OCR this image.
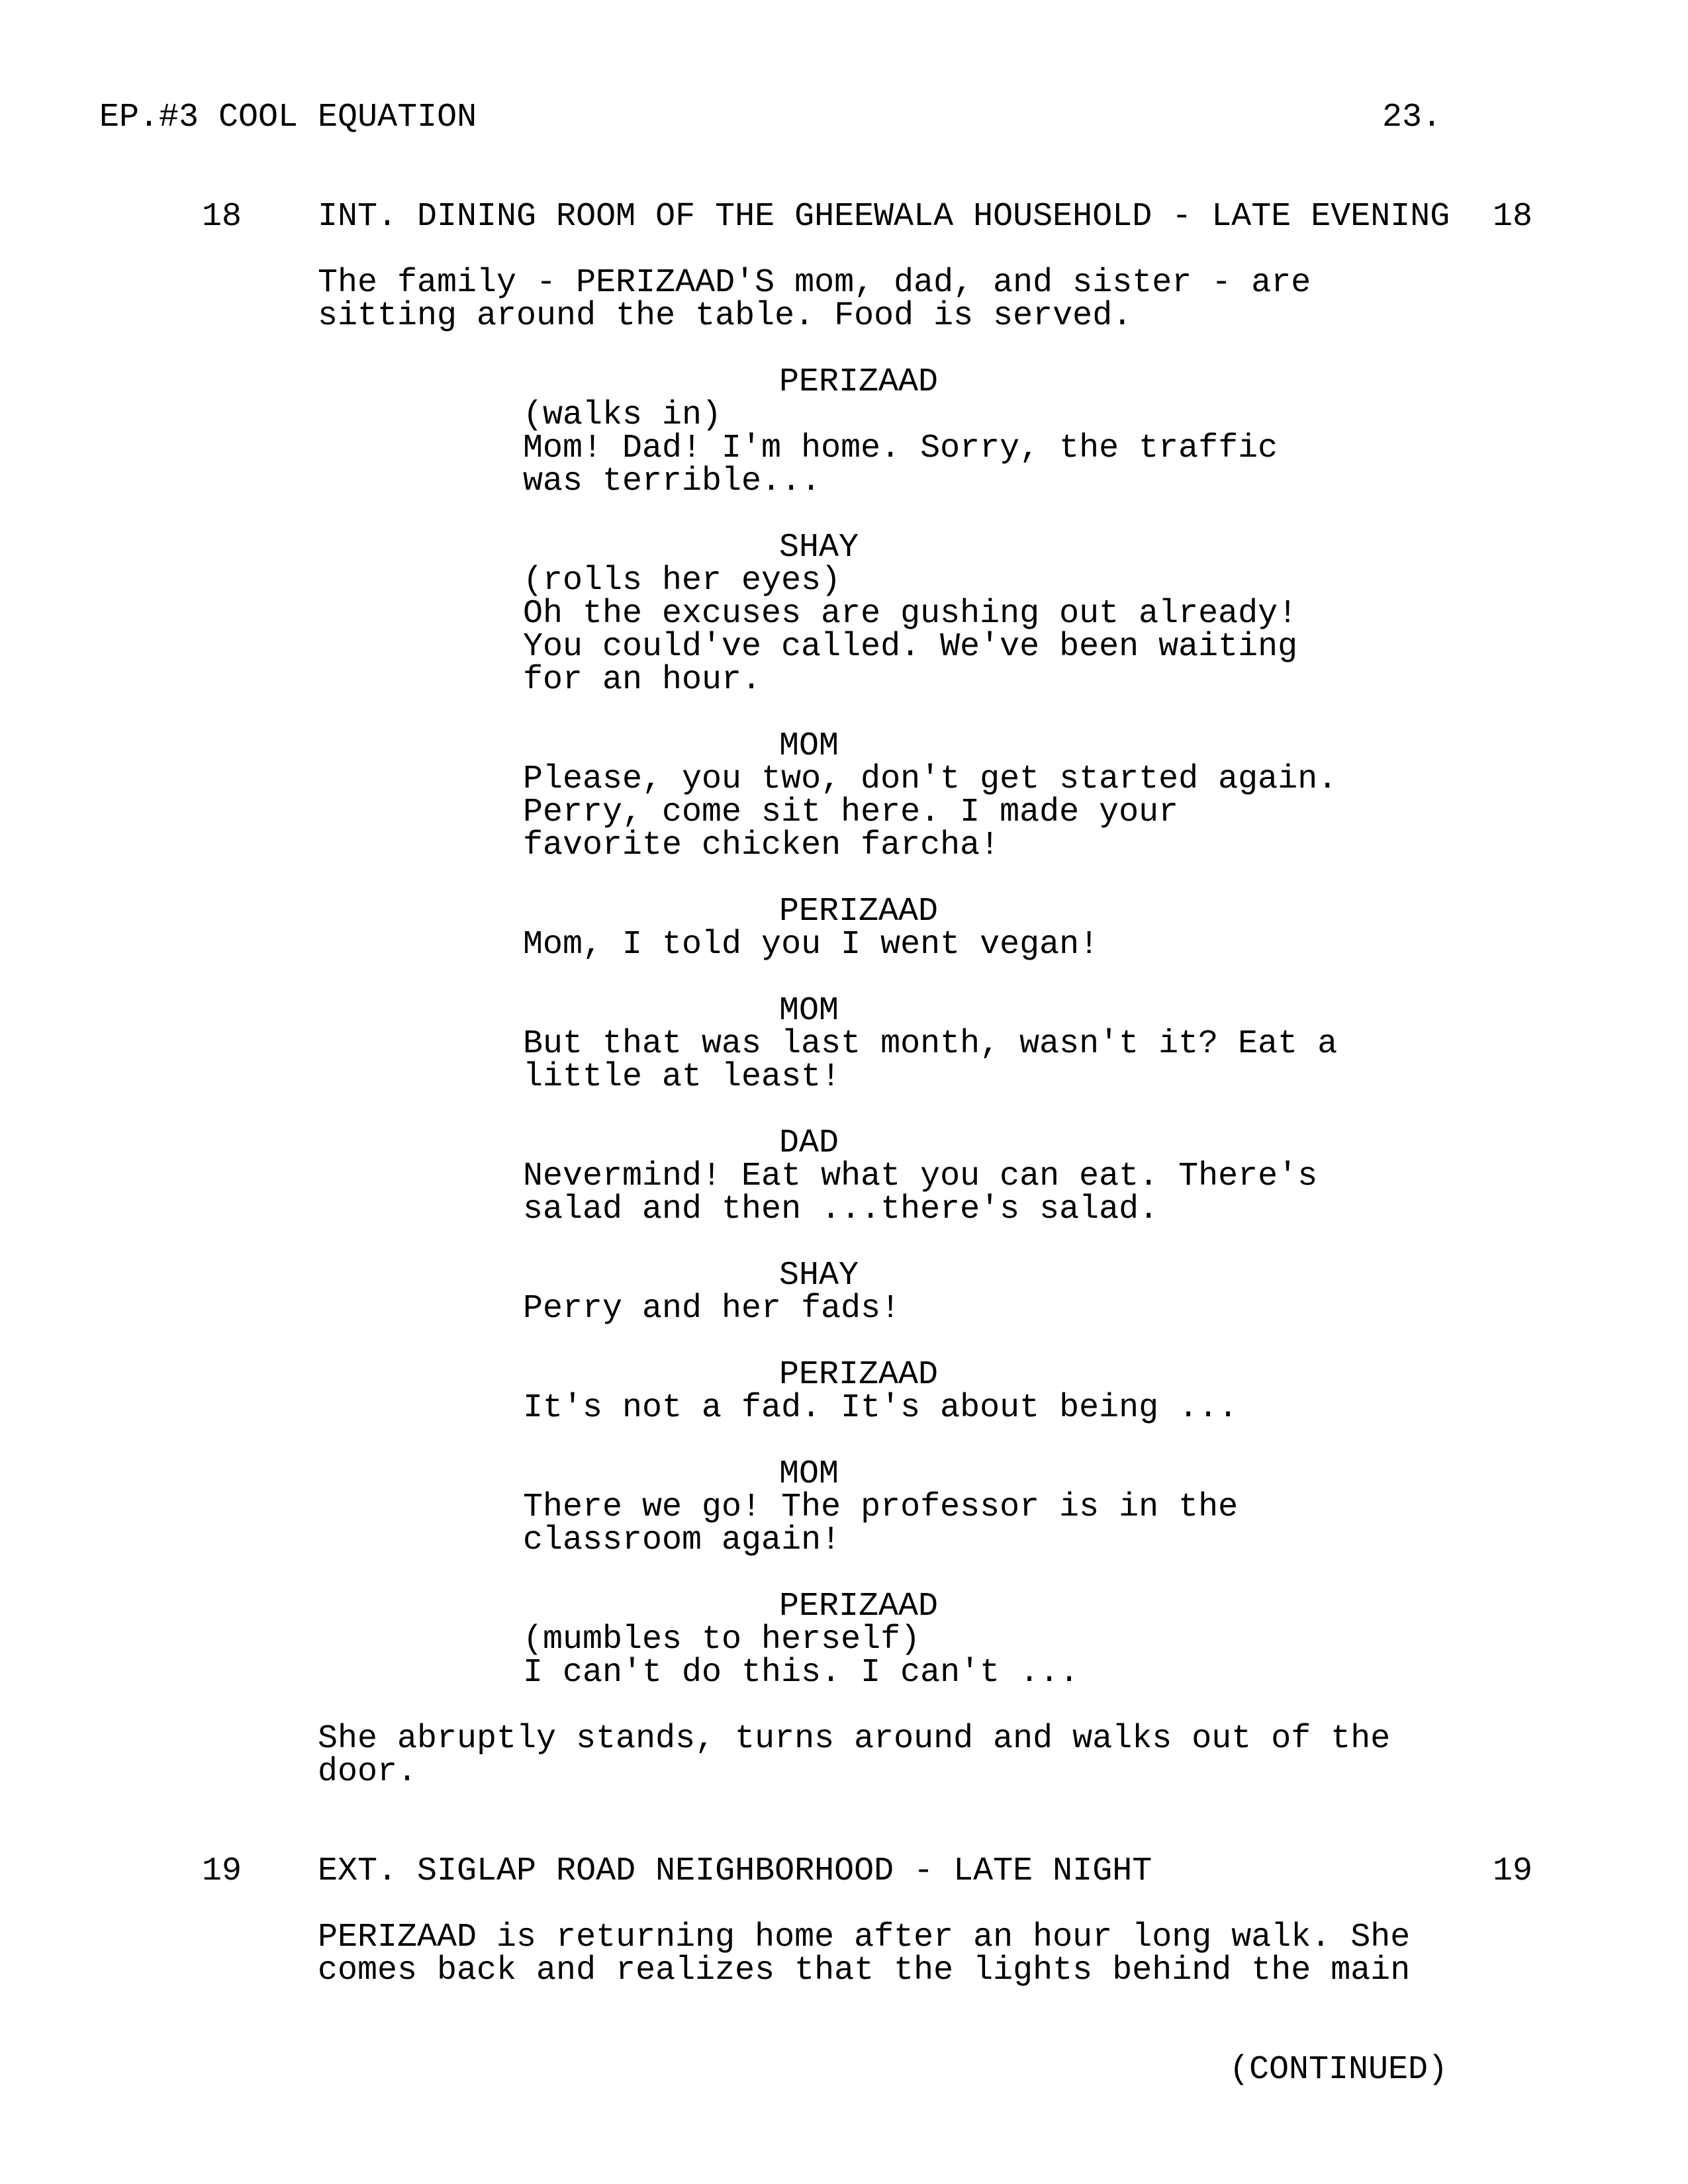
EP.#3 COOL EQUATION	23.
(CONTINUED)
18 INT. DINING ROOM OF THE GHEEWALA HOUSEHOLD - LATE EVENING 18
The family - PERIZAAD'S mom, dad, and sister - are
sitting around the table. Food is served.
PERIZAAD
(walks in)
Mom! Dad! I'm home. Sorry, the traffic
was terrible...
SHAY
(rolls her eyes)
Oh the excuses are gushing out already!
You could've called. We've been waiting
for an hour.
MOM
Please, you two, don't get started again.
Perry, come sit here. I made your
favorite chicken farcha!
PERIZAAD
Mom, I told you I went vegan!
MOM
But that was last month, wasn't it? Eat a
little at least!
DAD
Nevermind! Eat what you can eat. There's
salad and then ...there's salad.
SHAY
Perry and her fads!
PERIZAAD
It's not a fad. It's about being ...
MOM
There we go! The professor is in the
classroom again!
PERIZAAD
(mumbles to herself)
I can't do this. I can't ...
She abruptly stands, turns around and walks out of the
door.
19 EXT. SIGLAP ROAD NEIGHBORHOOD - LATE NIGHT	19
PERIZAAD is returning home after an hour long walk. She
comes back and realizes that the lights behind the main
